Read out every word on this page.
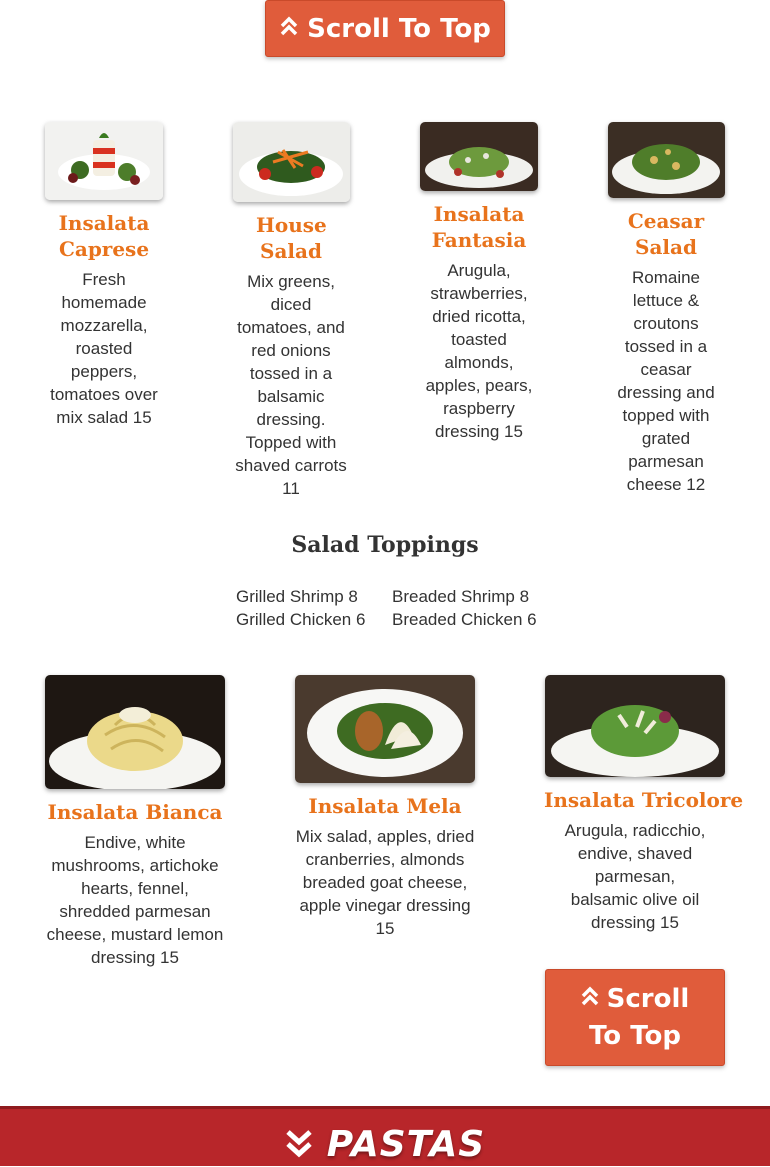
Scroll To Top
Insalata Caprese
Fresh homemade mozzarella, roasted peppers, tomatoes over mix salad 15
House Salad
Mix greens, diced tomatoes, and red onions tossed in a balsamic dressing. Topped with shaved carrots 11
Insalata Fantasia
Arugula, strawberries, dried ricotta, toasted almonds, apples, pears, raspberry dressing 15
Ceasar Salad
Romaine lettuce & croutons tossed in a ceasar dressing and topped with grated parmesan cheese 12
Salad Toppings
Grilled Shrimp 8
Grilled Chicken 6
Breaded Shrimp 8
Breaded Chicken 6
Insalata Bianca
Endive, white mushrooms, artichoke hearts, fennel, shredded parmesan cheese, mustard lemon dressing 15
Insalata Mela
Mix salad, apples, dried cranberries, almonds breaded goat cheese, apple vinegar dressing 15
Insalata Tricolore
Arugula, radicchio, endive, shaved parmesan, balsamic olive oil dressing 15
Scroll
To Top
PASTAS
